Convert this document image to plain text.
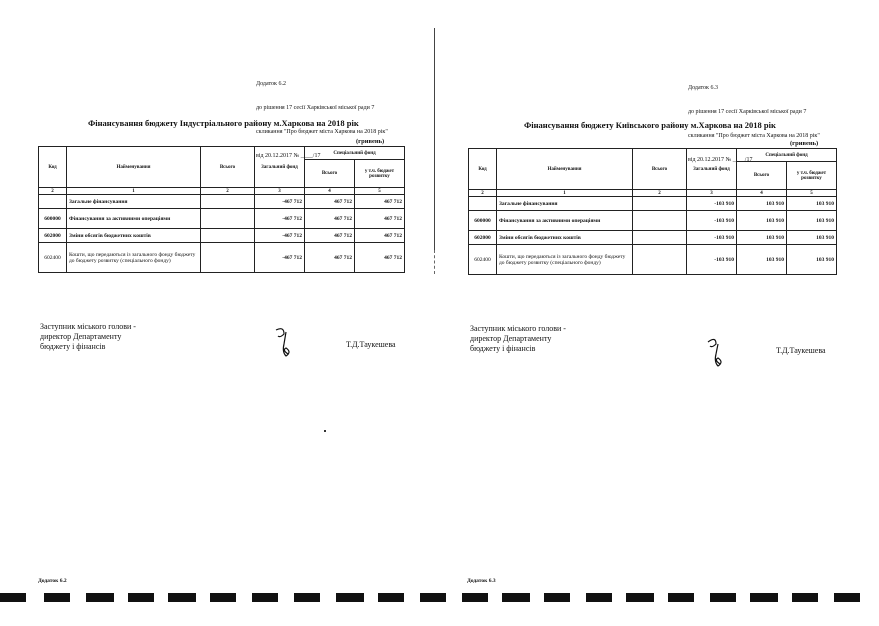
Додаток 6.2

до рішення 17 сесії Харківської міської ради 7

скликання "Про бюджет міста Харкова на 2018 рік"

від 20.12.2017 № ____/17

Фінансування бюджету Індустріального району м.Харкова на 2018 рік
(гривень)
Код	Найменування	Всього	Загальний фонд	Спеціальний фонд	
				Всього	у т.ч. бюджет розвитку
2	1	2	3	4	5
	Загальне фінансування		-467 712	467 712	467 712
600000	Фінансування за активними операціями		-467 712	467 712	467 712
602000	Зміни обсягів бюджетних коштів		-467 712	467 712	467 712
602400	Кошти, що передаються із загального фонду бюджету до бюджету розвитку (спеціального фонду)		-467 712	467 712	467 712
Заступник міського голови -
директор Департаменту
бюджету і фінансів	Т.Д.Таукешева
Додаток 6.2

Додаток 6.3

до рішення 17 сесії Харківської міської ради 7

скликання "Про бюджет міста Харкова на 2018 рік"

від 20.12.2017 № ____/17

Фінансування бюджету Київського району м.Харкова на 2018 рік
(гривень)
Код	Найменування	Всього	Загальний фонд	Спеціальний фонд	
				Всього	у т.ч. бюджет розвитку
2	1	2	3	4	5
	Загальне фінансування		-103 910	103 910	103 910
600000	Фінансування за активними операціями		-103 910	103 910	103 910
602000	Зміни обсягів бюджетних коштів		-103 910	103 910	103 910
602400	Кошти, що передаються із загального фонду бюджету до бюджету розвитку (спеціального фонду)		-103 910	103 910	103 910
Заступник міського голови -
директор Департаменту
бюджету і фінансів	Т.Д.Таукешева
Додаток 6.3
